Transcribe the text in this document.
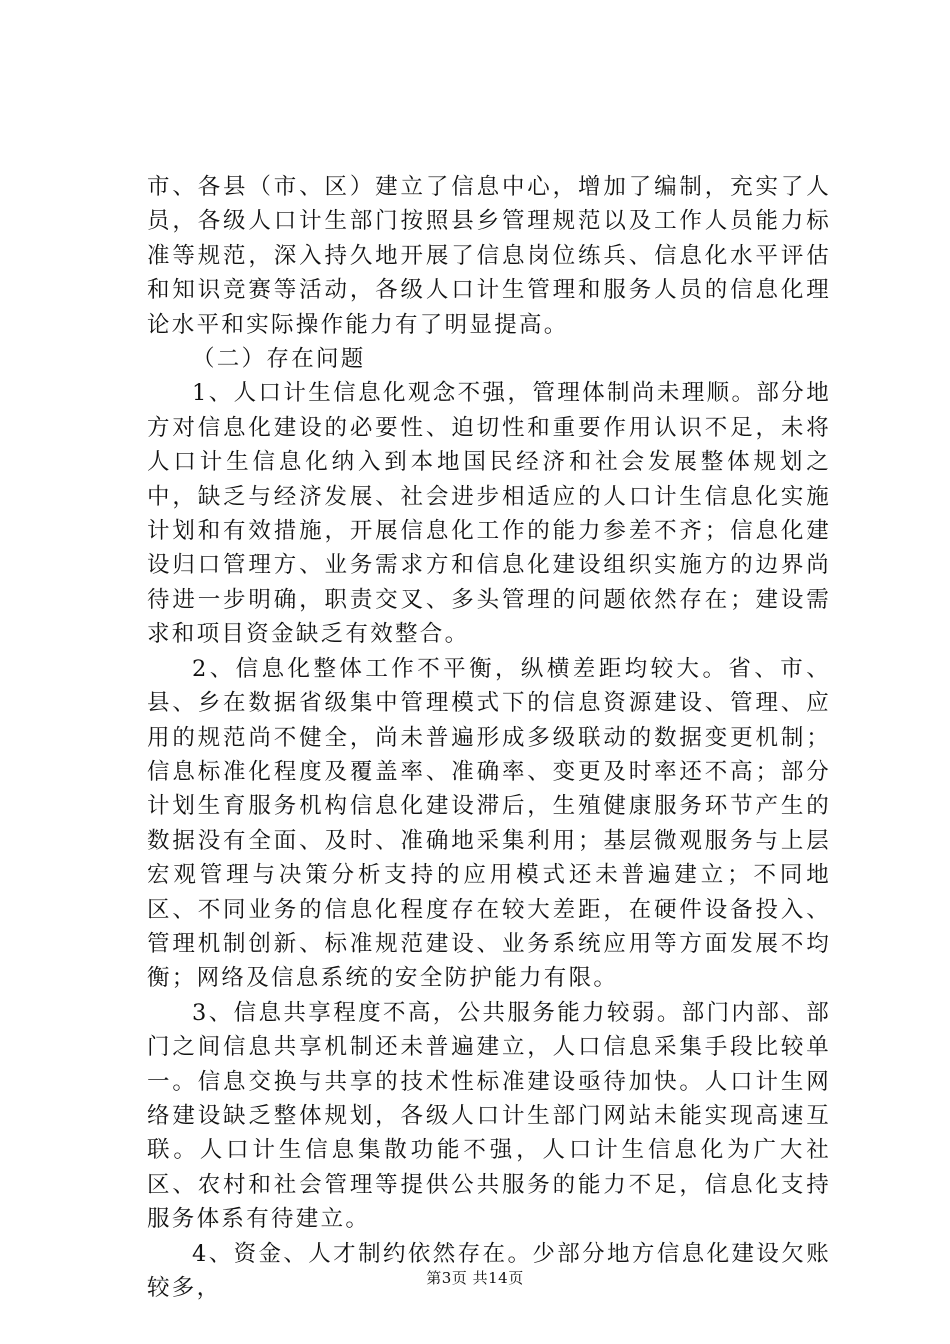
市、各县（市、区）建立了信息中心，增加了编制，充实了人员，各级人口计生部门按照县乡管理规范以及工作人员能力标准等规范，深入持久地开展了信息岗位练兵、信息化水平评估和知识竞赛等活动，各级人口计生管理和服务人员的信息化理论水平和实际操作能力有了明显提高。

（二）存在问题

1、人口计生信息化观念不强，管理体制尚未理顺。部分地方对信息化建设的必要性、迫切性和重要作用认识不足，未将人口计生信息化纳入到本地国民经济和社会发展整体规划之中，缺乏与经济发展、社会进步相适应的人口计生信息化实施计划和有效措施，开展信息化工作的能力参差不齐；信息化建设归口管理方、业务需求方和信息化建设组织实施方的边界尚待进一步明确，职责交叉、多头管理的问题依然存在；建设需求和项目资金缺乏有效整合。

2、信息化整体工作不平衡，纵横差距均较大。省、市、县、乡在数据省级集中管理模式下的信息资源建设、管理、应用的规范尚不健全，尚未普遍形成多级联动的数据变更机制；信息标准化程度及覆盖率、准确率、变更及时率还不高；部分计划生育服务机构信息化建设滞后，生殖健康服务环节产生的数据没有全面、及时、准确地采集利用；基层微观服务与上层宏观管理与决策分析支持的应用模式还未普遍建立；不同地区、不同业务的信息化程度存在较大差距，在硬件设备投入、管理机制创新、标准规范建设、业务系统应用等方面发展不均衡；网络及信息系统的安全防护能力有限。

3、信息共享程度不高，公共服务能力较弱。部门内部、部门之间信息共享机制还未普遍建立，人口信息采集手段比较单一。信息交换与共享的技术性标准建设亟待加快。人口计生网络建设缺乏整体规划，各级人口计生部门网站未能实现高速互联。人口计生信息集散功能不强，人口计生信息化为广大社区、农村和社会管理等提供公共服务的能力不足，信息化支持服务体系有待建立。

4、资金、人才制约依然存在。少部分地方信息化建设欠账较多，	第3页 共14页
